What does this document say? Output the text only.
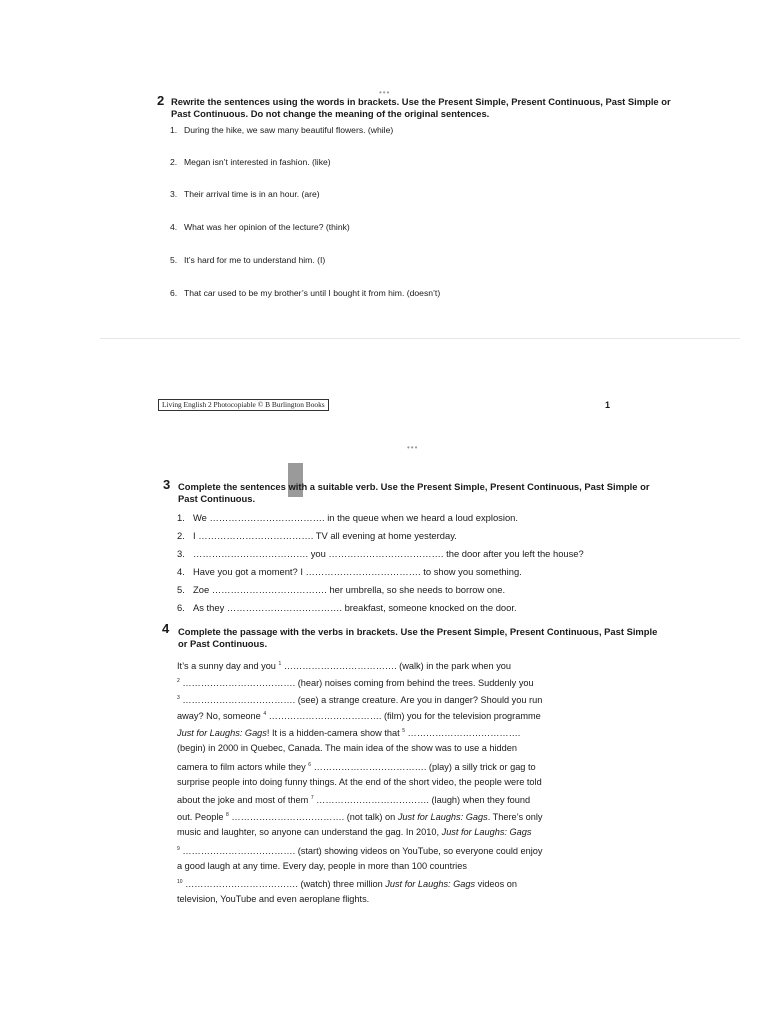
•••
2 Rewrite the sentences using the words in brackets. Use the Present Simple, Present Continuous, Past Simple or
Past Continuous. Do not change the meaning of the original sentences.
1. During the hike, we saw many beautiful flowers. (while)
2. Megan isn’t interested in fashion. (like)
3. Their arrival time is in an hour. (are)
4. What was her opinion of the lecture? (think)
5. It’s hard for me to understand him. (I)
6. That car used to be my brother’s until I bought it from him. (doesn’t)
Living English 2 Photocopiable © B Burlington Books	1
•••
3 Complete the sentences with a suitable verb. Use the Present Simple, Present Continuous, Past Simple or
Past Continuous.
1. We ………………………………. in the queue when we heard a loud explosion.
2. I ………………………………. TV all evening at home yesterday.
3. ………………………………. you ………………………………. the door after you left the house?
4. Have you got a moment? I ………………………………. to show you something.
5. Zoe ………………………………. her umbrella, so she needs to borrow one.
6. As they ………………………………. breakfast, someone knocked on the door.
4 Complete the passage with the verbs in brackets. Use the Present Simple, Present Continuous, Past Simple
or Past Continuous.
It’s a sunny day and you $^1$ ………………………………. (walk) in the park when you
$^2$ ………………………………. (hear) noises coming from behind the trees. Suddenly you
$^3$ ………………………………. (see) a strange creature. Are you in danger? Should you run
away? No, someone $^4$ ………………………………. (film) you for the television programme
Just for Laughs: Gags! It is a hidden-camera show that $^5$ ……………………………….
(begin) in 2000 in Quebec, Canada. The main idea of the show was to use a hidden
camera to film actors while they $^6$ ………………………………. (play) a silly trick or gag to
surprise people into doing funny things. At the end of the short video, the people were told
about the joke and most of them $^7$ ………………………………. (laugh) when they found
out. People $^8$ ………………………………. (not talk) on Just for Laughs: Gags. There’s only
music and laughter, so anyone can understand the gag. In 2010, Just for Laughs: Gags
$^9$ ………………………………. (start) showing videos on YouTube, so everyone could enjoy
a good laugh at any time. Every day, people in more than 100 countries
$^{10}$ ………………………………. (watch) three million Just for Laughs: Gags videos on
television, YouTube and even aeroplane flights.
